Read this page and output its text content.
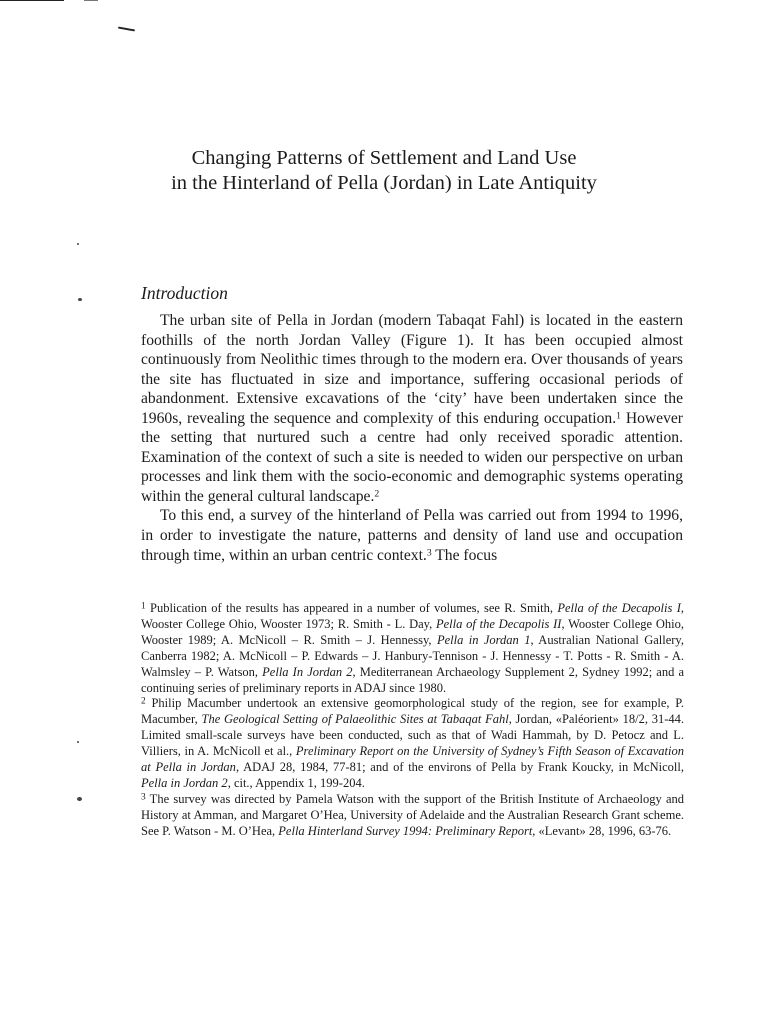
Changing Patterns of Settlement and Land Use
in the Hinterland of Pella (Jordan) in Late Antiquity
Introduction

The urban site of Pella in Jordan (modern Tabaqat Fahl) is located in the eastern foothills of the north Jordan Valley (Figure 1). It has been occupied almost continuously from Neolithic times through to the modern era. Over thousands of years the site has fluctuated in size and importance, suffering occasional periods of abandonment. Extensive excavations of the ‘city’ have been undertaken since the 1960s, revealing the sequence and complexity of this enduring occupation.$^1$ However the setting that nurtured such a centre had only received sporadic attention. Examination of the context of such a site is needed to widen our perspective on urban processes and link them with the socio-economic and demographic systems operating within the general cultural landscape.$^2$

To this end, a survey of the hinterland of Pella was carried out from 1994 to 1996, in order to investigate the nature, patterns and density of land use and occupation through time, within an urban centric context.$^3$ The focus

$^1$ Publication of the results has appeared in a number of volumes, see R. Smith, Pella of the Decapolis I, Wooster College Ohio, Wooster 1973; R. Smith - L. Day, Pella of the Decapolis II, Wooster College Ohio, Wooster 1989; A. McNicoll – R. Smith – J. Hennessy, Pella in Jordan 1, Australian National Gallery, Canberra 1982; A. McNicoll – P. Edwards – J. Hanbury-Tennison - J. Hennessy - T. Potts - R. Smith - A. Walmsley – P. Watson, Pella In Jordan 2, Mediterranean Archaeology Supplement 2, Sydney 1992; and a continuing series of preliminary reports in ADAJ since 1980.

$^2$ Philip Macumber undertook an extensive geomorphological study of the region, see for example, P. Macumber, The Geological Setting of Palaeolithic Sites at Tabaqat Fahl, Jordan, «Paléorient» 18/2, 31-44. Limited small-scale surveys have been conducted, such as that of Wadi Hammah, by D. Petocz and L. Villiers, in A. McNicoll et al., Preliminary Report on the University of Sydney’s Fifth Season of Excavation at Pella in Jordan, ADAJ 28, 1984, 77-81; and of the environs of Pella by Frank Koucky, in McNicoll, Pella in Jordan 2, cit., Appendix 1, 199-204.

$^3$ The survey was directed by Pamela Watson with the support of the British Institute of Archaeology and History at Amman, and Margaret O’Hea, University of Adelaide and the Australian Research Grant scheme. See P. Watson - M. O’Hea, Pella Hinterland Survey 1994: Preliminary Report, «Levant» 28, 1996, 63-76.
